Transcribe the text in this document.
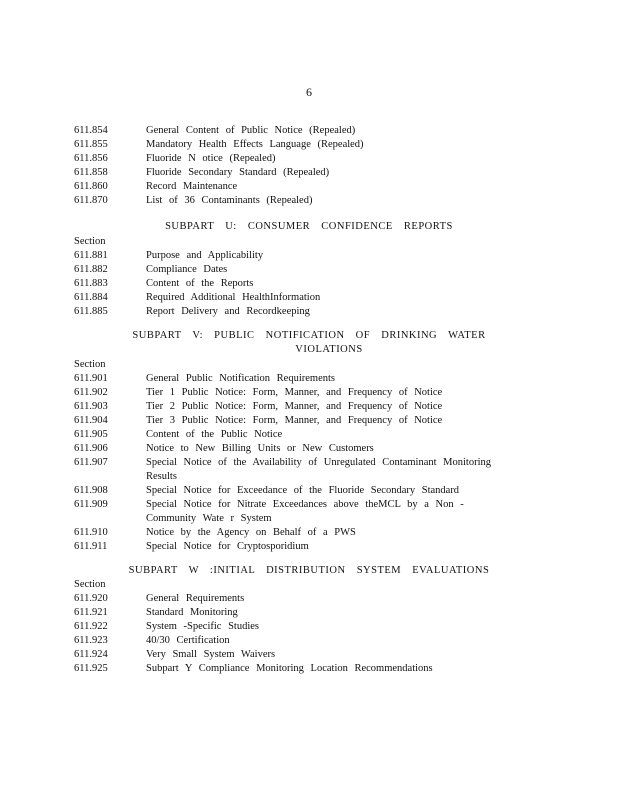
6
611.854	General Content of Public Notice (Repealed)
611.855	Mandatory Health Effects Language (Repealed)
611.856	Fluoride N otice (Repealed)
611.858	Fluoride Secondary Standard (Repealed)
611.860	Record Maintenance
611.870	List of 36 Contaminants (Repealed)
SUBPART U: CONSUMER CONFIDENCE REPORTS
Section
611.881	Purpose and Applicability
611.882	Compliance Dates
611.883	Content of the Reports
611.884	Required Additional HealthInformation
611.885	Report Delivery and Recordkeeping
SUBPART V: PUBLIC NOTIFICATION OF DRINKING WATER
VIOLATIONS
Section
611.901	General Public Notification Requirements
611.902	Tier 1 Public Notice: Form, Manner, and Frequency of Notice
611.903	Tier 2 Public Notice: Form, Manner, and Frequency of Notice
611.904	Tier 3 Public Notice: Form, Manner, and Frequency of Notice
611.905	Content of the Public Notice
611.906	Notice to New Billing Units or New Customers
611.907	Special Notice of the Availability of Unregulated Contaminant Monitoring Results
611.908	Special Notice for Exceedance of the Fluoride Secondary Standard
611.909	Special Notice for Nitrate Exceedances above theMCL by a Non - Community Wate r System
611.910	Notice by the Agency on Behalf of a PWS
611.911	Special Notice for Cryptosporidium
SUBPART W :INITIAL DISTRIBUTION SYSTEM EVALUATIONS
Section
611.920	General Requirements
611.921	Standard Monitoring
611.922	System -Specific Studies
611.923	40/30 Certification
611.924	Very Small System Waivers
611.925	Subpart Y Compliance Monitoring Location Recommendations
